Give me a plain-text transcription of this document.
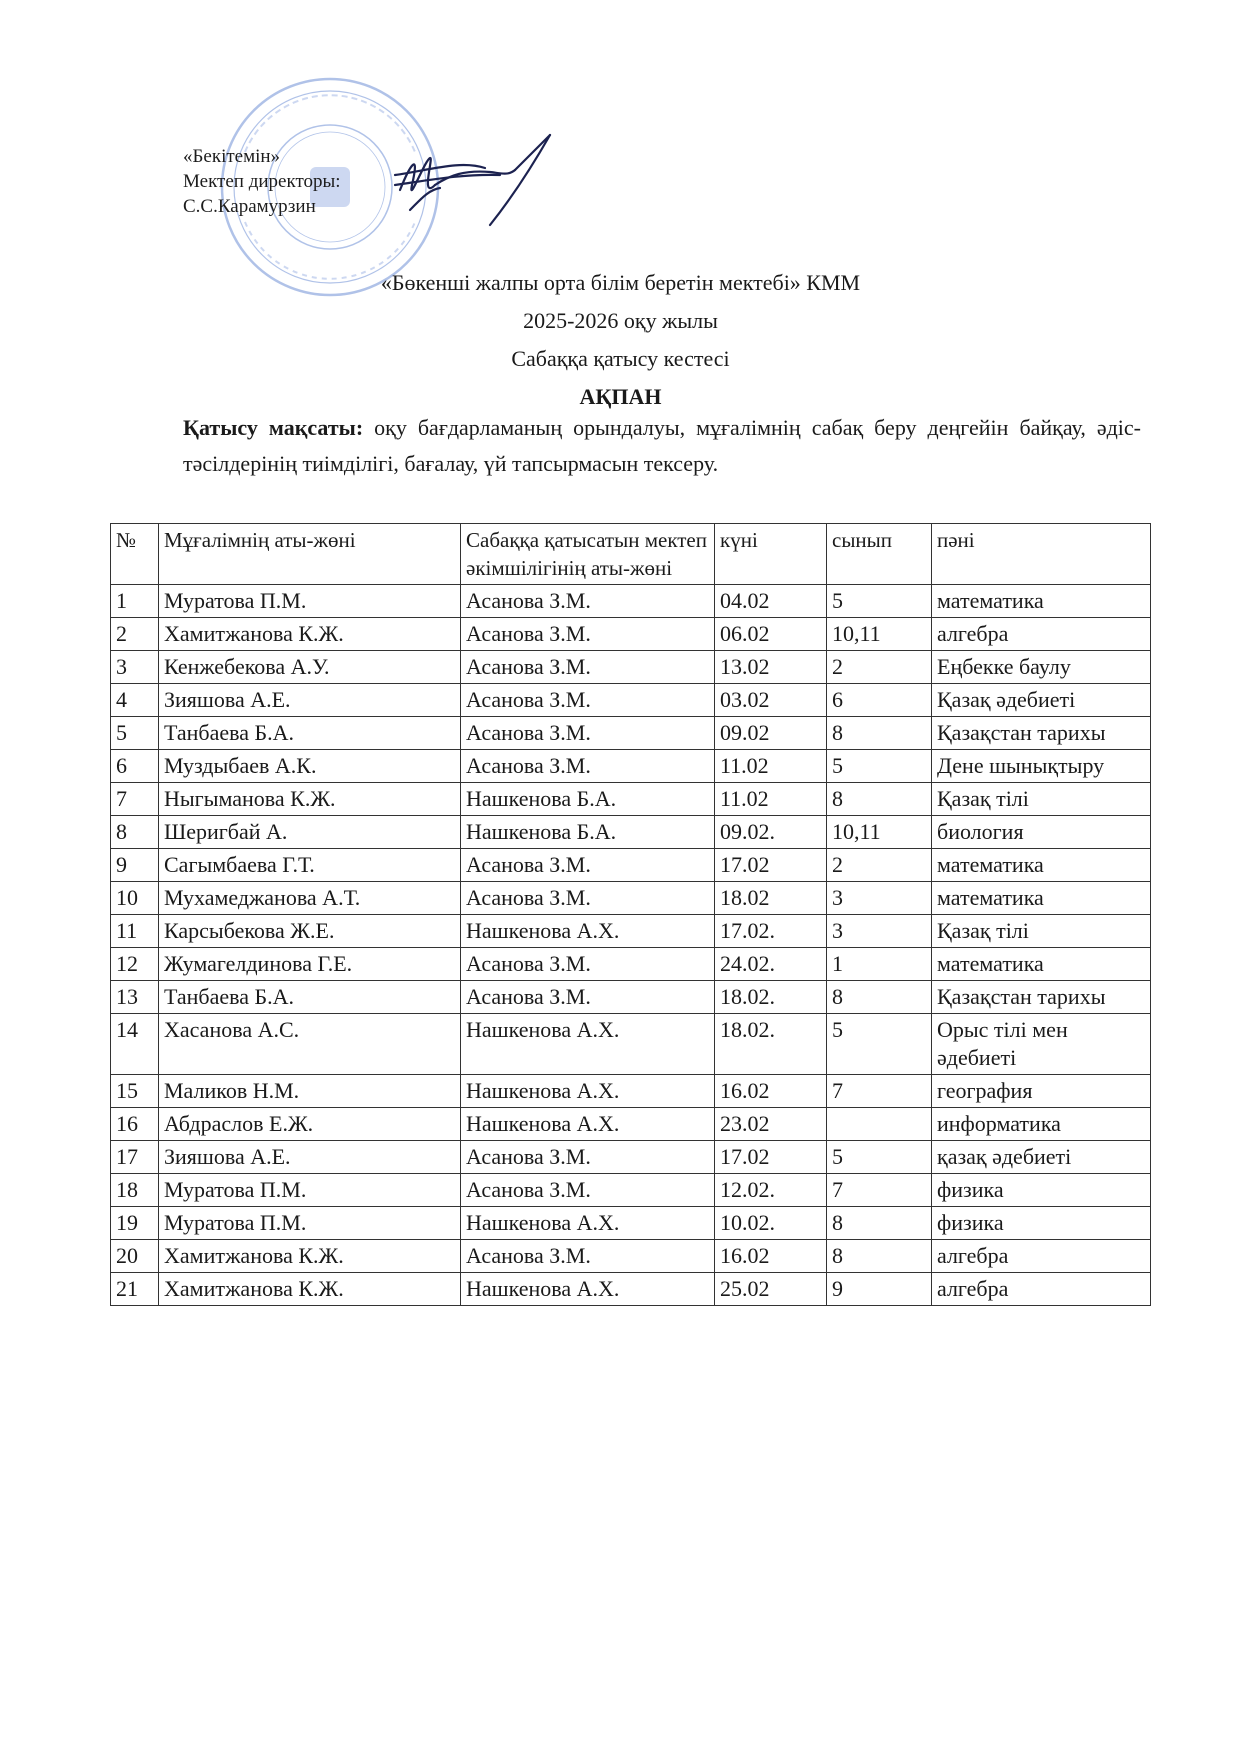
«Бекітемін»
Мектеп директоры:
С.С.Карамурзин
«Бөкенші жалпы орта білім беретін мектебі» КММ
2025-2026 оқу жылы
Сабаққа қатысу кестесі
АҚПАН
Қатысу мақсаты: оқу бағдарламаның орындалуы, мұғалімнің сабақ беру деңгейін байқау, әдіс-тәсілдерінің тиімділігі, бағалау, үй тапсырмасын тексеру.
№	Мұғалімнің аты-жөні	Сабаққа қатысатын мектеп әкімшілігінің аты-жөні	күні	сынып	пәні
1	Муратова П.М.	Асанова З.М.	04.02	5	математика
2	Хамитжанова К.Ж.	Асанова З.М.	06.02	10,11	алгебра
3	Кенжебекова А.У.	Асанова З.М.	13.02	2	Еңбекке баулу
4	Зияшова А.Е.	Асанова З.М.	03.02	6	Қазақ әдебиеті
5	Танбаева Б.А.	Асанова З.М.	09.02	8	Қазақстан тарихы
6	Муздыбаев А.К.	Асанова З.М.	11.02	5	Дене шынықтыру
7	Ныгыманова К.Ж.	Нашкенова Б.А.	11.02	8	Қазақ тілі
8	Шеригбай А.	Нашкенова Б.А.	09.02.	10,11	биология
9	Сагымбаева Г.Т.	Асанова З.М.	17.02	2	математика
10	Мухамеджанова А.Т.	Асанова З.М.	18.02	3	математика
11	Карсыбекова Ж.Е.	Нашкенова А.Х.	17.02.	3	Қазақ тілі
12	Жумагелдинова Г.Е.	Асанова З.М.	24.02.	1	математика
13	Танбаева Б.А.	Асанова З.М.	18.02.	8	Қазақстан тарихы
14	Хасанова А.С.	Нашкенова А.Х.	18.02.	5	Орыс тілі мен әдебиеті
15	Маликов Н.М.	Нашкенова А.Х.	16.02	7	география
16	Абдраслов Е.Ж.	Нашкенова А.Х.	23.02		информатика
17	Зияшова А.Е.	Асанова З.М.	17.02	5	қазақ әдебиеті
18	Муратова П.М.	Асанова З.М.	12.02.	7	физика
19	Муратова П.М.	Нашкенова А.Х.	10.02.	8	физика
20	Хамитжанова К.Ж.	Асанова З.М.	16.02	8	алгебра
21	Хамитжанова К.Ж.	Нашкенова А.Х.	25.02	9	алгебра
